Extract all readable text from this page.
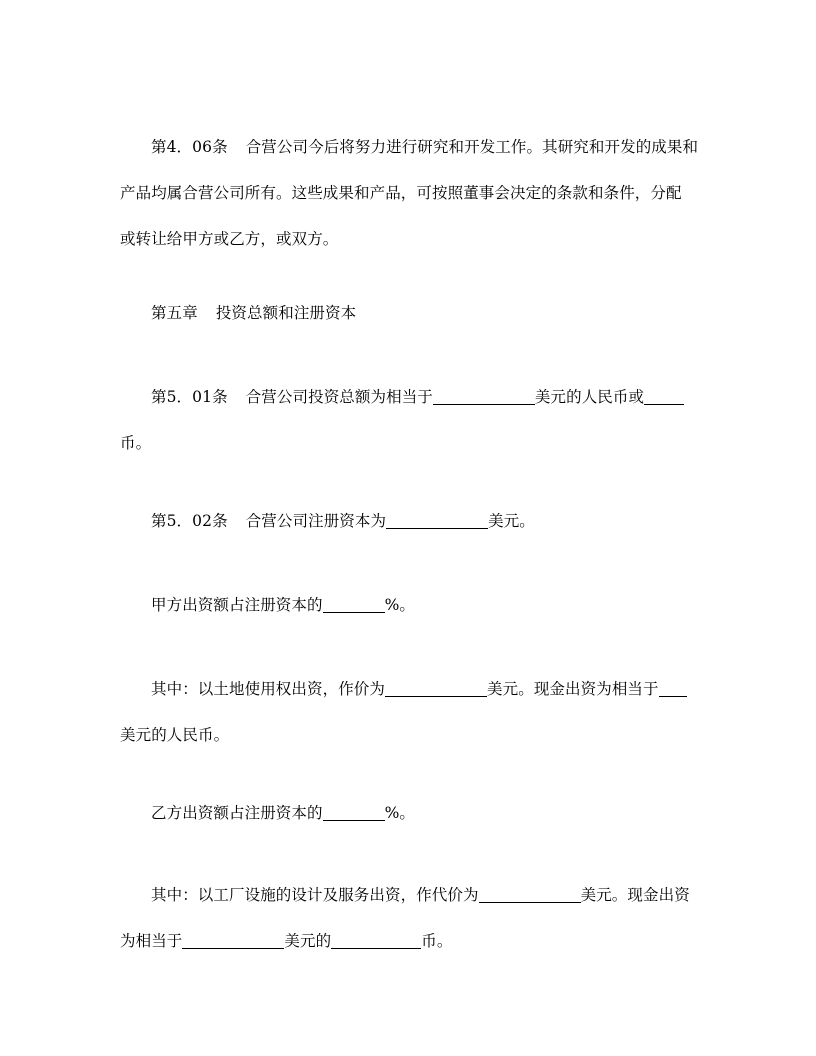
第4．06条 合营公司今后将努力进行研究和开发工作。其研究和开发的成果和
产品均属合营公司所有。这些成果和产品，可按照董事会决定的条款和条件，分配
或转让给甲方或乙方，或双方。
第五章 投资总额和注册资本
第5．01条 合营公司投资总额为相当于	美元的人民币或
币。
第5．02条 合营公司注册资本为	美元。
甲方出资额占注册资本的	%。
其中：以土地使用权出资，作价为	美元。现金出资为相当于
美元的人民币。
乙方出资额占注册资本的	%。
其中：以工厂设施的设计及服务出资，作代价为	美元。现金出资
为相当于	美元的	币。
